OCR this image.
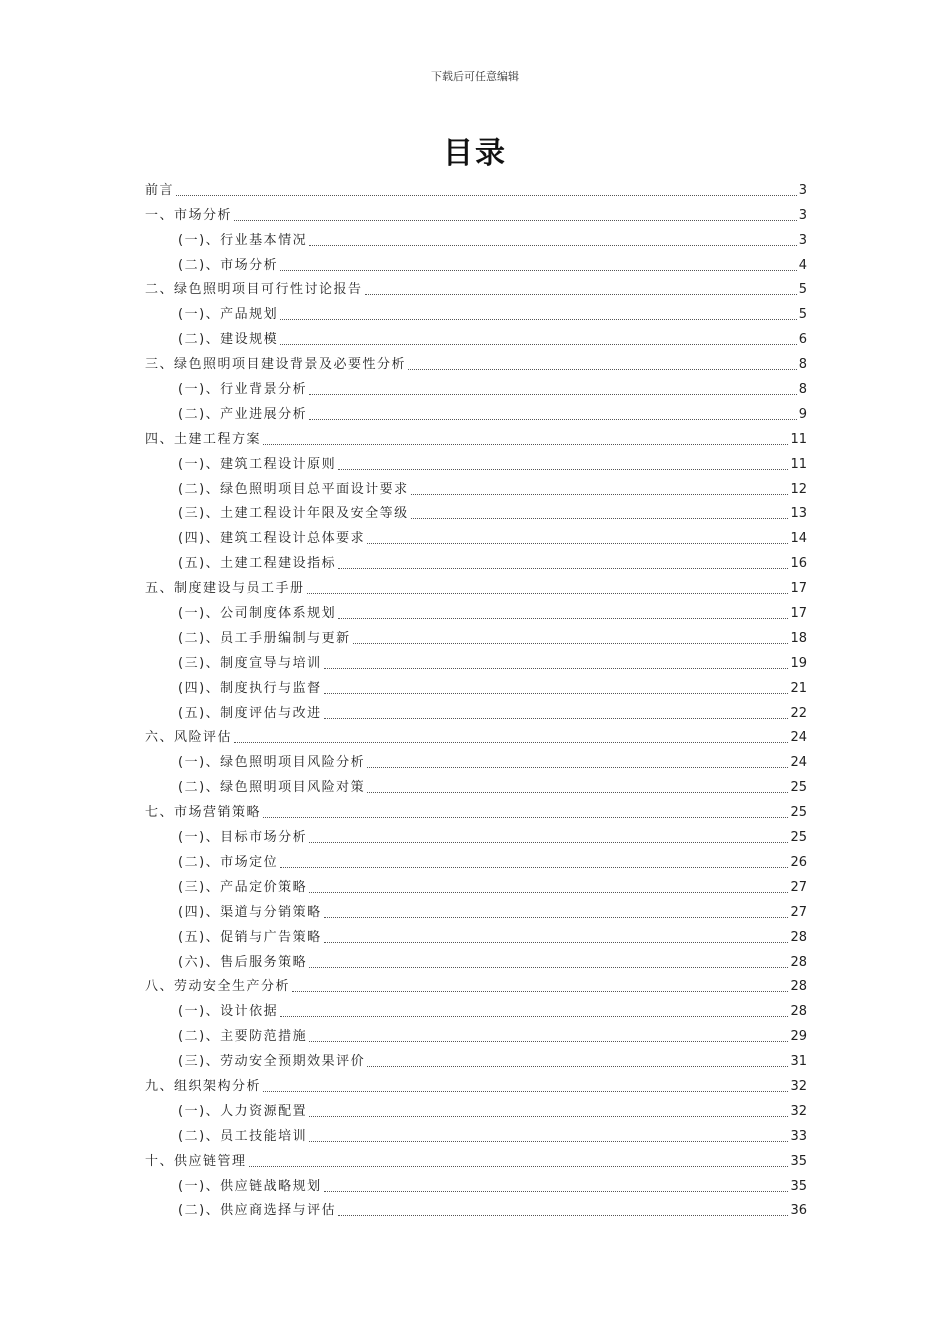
下载后可任意编辑
目录
前言	3
一、市场分析	3
(一)、行业基本情况	3
(二)、市场分析	4
二、绿色照明项目可行性讨论报告	5
(一)、产品规划	5
(二)、建设规模	6
三、绿色照明项目建设背景及必要性分析	8
(一)、行业背景分析	8
(二)、产业进展分析	9
四、土建工程方案	11
(一)、建筑工程设计原则	11
(二)、绿色照明项目总平面设计要求	12
(三)、土建工程设计年限及安全等级	13
(四)、建筑工程设计总体要求	14
(五)、土建工程建设指标	16
五、制度建设与员工手册	17
(一)、公司制度体系规划	17
(二)、员工手册编制与更新	18
(三)、制度宣导与培训	19
(四)、制度执行与监督	21
(五)、制度评估与改进	22
六、风险评估	24
(一)、绿色照明项目风险分析	24
(二)、绿色照明项目风险对策	25
七、市场营销策略	25
(一)、目标市场分析	25
(二)、市场定位	26
(三)、产品定价策略	27
(四)、渠道与分销策略	27
(五)、促销与广告策略	28
(六)、售后服务策略	28
八、劳动安全生产分析	28
(一)、设计依据	28
(二)、主要防范措施	29
(三)、劳动安全预期效果评价	31
九、组织架构分析	32
(一)、人力资源配置	32
(二)、员工技能培训	33
十、供应链管理	35
(一)、供应链战略规划	35
(二)、供应商选择与评估	36
